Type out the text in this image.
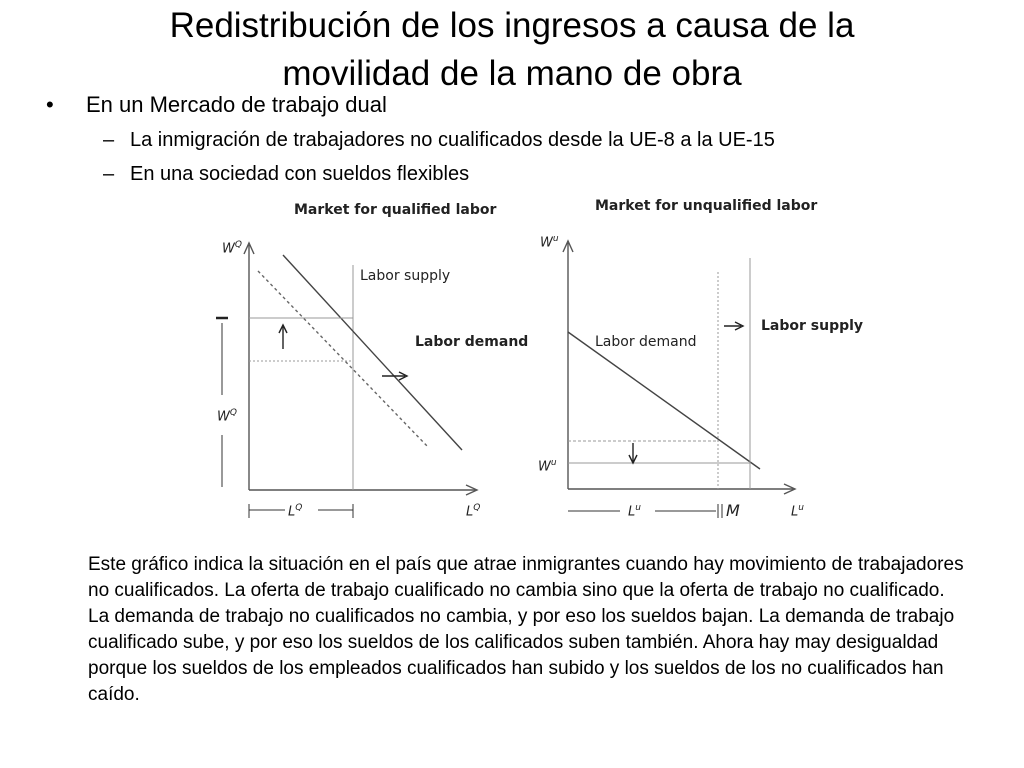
Redistribución de los ingresos a causa de la
movilidad de la mano de obra
• En un Mercado de trabajo dual
– La inmigración de trabajadores no cualificados desde la UE-8 a la UE-15
– En una sociedad con sueldos flexibles
Market for qualified labor
Labor supply
Labor demand
$W^Q$
$W^Q$
$L^Q$	$L^Q$
Market for unqualified labor
Labor demand
Labor supply
$W^u$
$W^u$
$L^u$	M	$L^u$
Este gráfico indica la situación en el país que atrae inmigrantes cuando hay movimiento de trabajadores no cualificados. La oferta de trabajo cualificado no cambia sino que la oferta de trabajo no cualificado. La demanda de trabajo no cualificados no cambia, y por eso los sueldos bajan. La demanda de trabajo cualificado sube, y por eso los sueldos de los calificados suben también. Ahora hay may desigualdad porque los sueldos de los empleados cualificados han subido y los sueldos de los no cualificados han caído.
